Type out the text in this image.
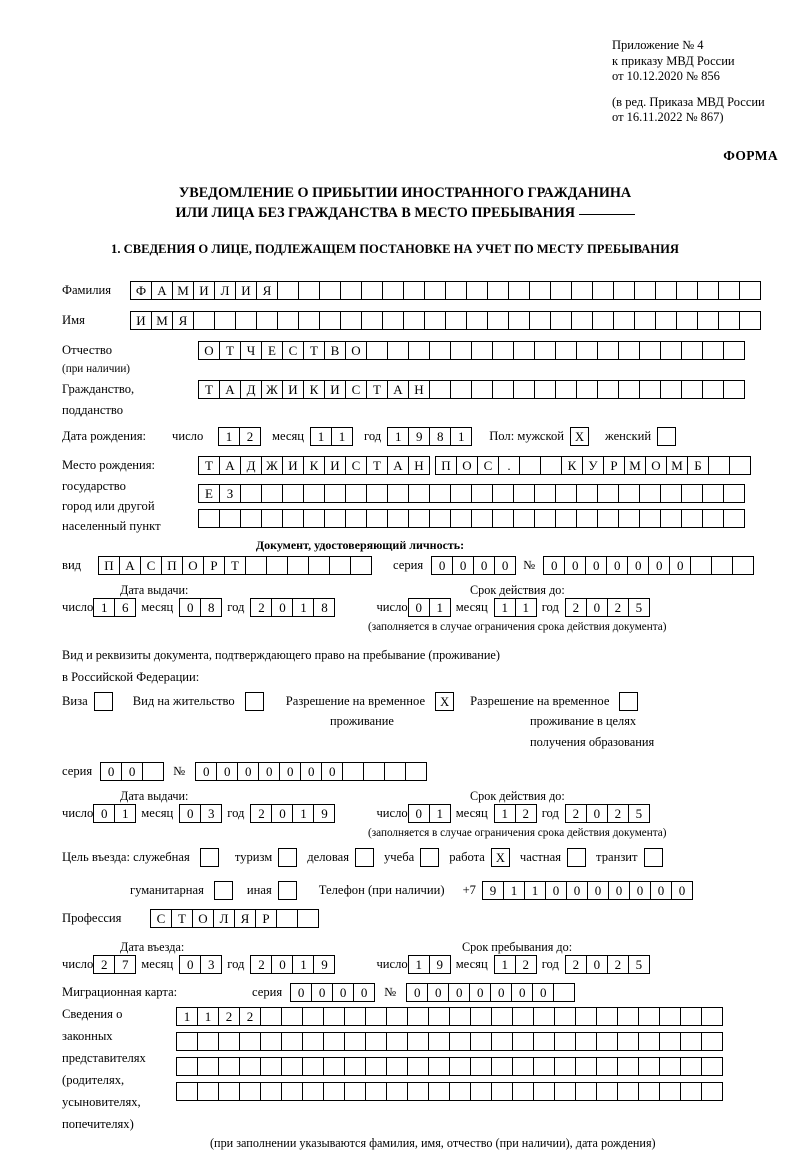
Приложение № 4
к приказу МВД России
от 10.12.2020 № 856
(в ред. Приказа МВД России
от 16.11.2022 № 867)
ФОРМА
УВЕДОМЛЕНИЕ О ПРИБЫТИИ ИНОСТРАННОГО ГРАЖДАНИНА
ИЛИ ЛИЦА БЕЗ ГРАЖДАНСТВА В МЕСТО ПРЕБЫВАНИЯ
1. СВЕДЕНИЯ О ЛИЦЕ, ПОДЛЕЖАЩЕМ ПОСТАНОВКЕ НА УЧЕТ ПО МЕСТУ ПРЕБЫВАНИЯ
Фамилия	Ф А М И Л И Я
Имя	И М Я
Отчество	О Т Ч Е С Т В О
(при наличии)
Гражданство,	Т А Д Ж И К И С Т А Н
подданство
Дата рождения:	число	1	2	месяц	1	1	год	1	9	8	1	Пол: мужской X	женский
Место рождения:	Т А Д Ж И К И С Т А Н	П О С	.	К У Р М О М Б
государство	Е	З
город или другой
населенный пункт
Документ, удостоверяющий личность:
вид	П А С П О Р	Т	серия	0	0	0	0	№	0	0	0	0	0	0	0
Дата выдачи:	Срок действия до:
число 1	6	месяц	0	8	год	2	0	1	8	число 0	1	месяц	1	1	год	2	0	2	5
(заполняется в случае ограничения срока действия документа)
Вид и реквизиты документа, подтверждающего право на пребывание (проживание)
в Российской Федерации:
Виза	Вид на жительство	Разрешение на временное	X	Разрешение на временное
проживание	проживание в целях
получения образования
серия	0	0	№	0	0	0	0	0	0	0
Дата выдачи:	Срок действия до:
число 0	1	месяц	0	3	год	2	0	1	9	число 0	1	месяц	1	2	год	2	0	2	5
(заполняется в случае ограничения срока действия документа)
Цель въезда: служебная	туризм	деловая	учеба	работа X	частная	транзит
гуманитарная	иная	Телефон (при наличии) +7	9	1	1	0	0	0	0	0	0	0
Профессия	С Т О Л Я	Р
Дата въезда:	Срок пребывания до:
число 2	7	месяц	0	3	год	2	0	1	9	число 1	9	месяц	1	2	год	2	0	2	5
Миграционная карта:	серия	0	0	0	0	№	0	0	0	0	0	0	0
Сведения о
законных
представителях
(родителях,
усыновителях,
попечителях)
1	1	2	2
(при заполнении указываются фамилия, имя, отчество (при наличии), дата рождения)
